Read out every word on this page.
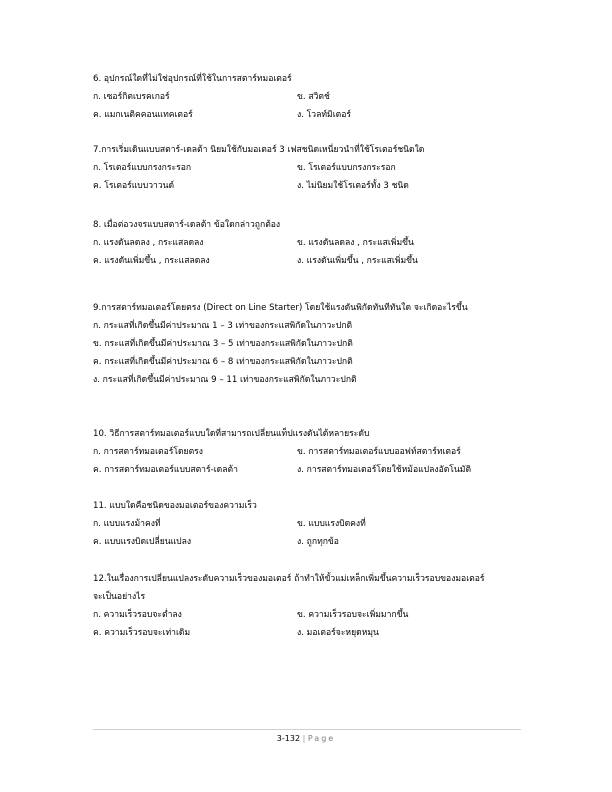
6. อุปกรณ์ใดที่ไม่ใช่อุปกรณ์ที่ใช้ในการสตาร์ทมอเตอร์
ก. เซอร์กิตเบรคเกอร์	ข. สวิตช์
ค. แมกเนติคคอนแทคเตอร์	ง. โวลท์มิเตอร์
7.การเริ่มเดินแบบสตาร์-เดลต้า นิยมใช้กับมอเตอร์ 3 เฟสชนิดเหนี่ยวนำที่ใช้โรเตอร์ชนิดใด
ก. โรเตอร์แบบกรงกระรอก	ข. โรเตอร์แบบกรงกระรอก
ค. โรเตอร์แบบวาวนด์	ง. ไม่นิยมใช้โรเตอร์ทั้ง 3 ชนิด
8. เมื่อต่อวงจรแบบสตาร์-เดลต้า ข้อใดกล่าวถูกต้อง
ก. แรงดันลดลง , กระแสลดลง	ข. แรงดันลดลง , กระแสเพิ่มขึ้น
ค. แรงดันเพิ่มขึ้น , กระแสลดลง	ง. แรงดันเพิ่มขึ้น , กระแสเพิ่มขึ้น
9.การสตาร์ทมอเตอร์โดยตรง (Direct on Line Starter) โดยใช้แรงดันพิกัดทันทีทันใด จะเกิดอะไรขึ้น
ก. กระแสที่เกิดขึ้นมีค่าประมาณ 1 – 3 เท่าของกระแสพิกัดในภาวะปกติ
ข. กระแสที่เกิดขึ้นมีค่าประมาณ 3 – 5 เท่าของกระแสพิกัดในภาวะปกติ
ค. กระแสที่เกิดขึ้นมีค่าประมาณ 6 – 8 เท่าของกระแสพิกัดในภาวะปกติ
ง. กระแสที่เกิดขึ้นมีค่าประมาณ 9 – 11 เท่าของกระแสพิกัดในภาวะปกติ
10. วิธีการสตาร์ทมอเตอร์แบบใดที่สามารถเปลี่ยนแท็ปแรงดันได้หลายระดับ
ก. การสตาร์ทมอเตอร์โดยตรง	ข. การสตาร์ทมอเตอร์แบบออฟท์สตาร์ทเตอร์
ค. การสตาร์ทมอเตอร์แบบสตาร์-เดลต้า	ง. การสตาร์ทมอเตอร์โดยใช้หม้อแปลงอัตโนมัติ
11. แบบใดคือชนิดของมอเตอร์ของความเร็ว
ก. แบบแรงม้าคงที่	ข. แบบแรงบิดคงที่
ค. แบบแรงบิดเปลี่ยนแปลง	ง. ถูกทุกข้อ
12.ในเรื่องการเปลี่ยนแปลงระดับความเร็วของมอเตอร์ ถ้าทำให้ขั้วแม่เหล็กเพิ่มขึ้นความเร็วรอบของมอเตอร์
จะเป็นอย่างไร
ก. ความเร็วรอบจะต่ำลง	ข. ความเร็วรอบจะเพิ่มมากขึ้น
ค. ความเร็วรอบจะเท่าเดิม	ง. มอเตอร์จะหยุดหมุน
3-132 | Page
